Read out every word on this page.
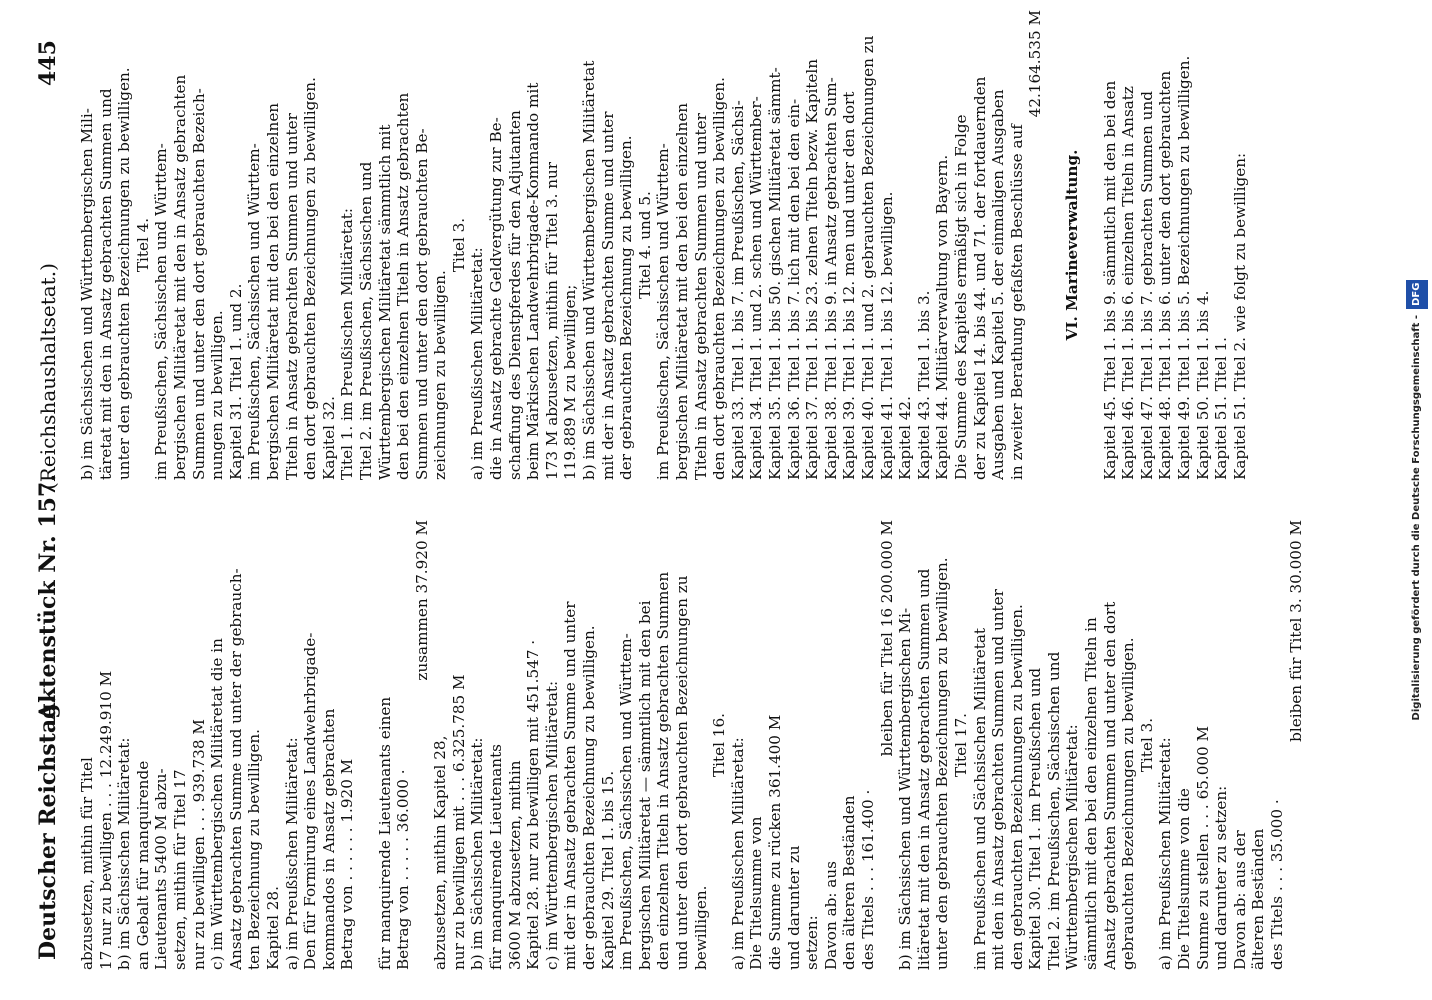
Deutscher Reichstag.
Aktenstück Nr. 157.
(Reichshaushaltsetat.)
445
abzusetzen, mithin für Titel 17 nur zu bewilligen . . . 12.249.910 M b) im Sächsischen Militäretat: an Gebalt für manquirende Lieutenants 5400 M abzu- setzen, mithin für Titel 17 nur zu bewilligen . . . 939.738 M c) im Württembergischen Militäretat die in Ansatz gebrachten Summe und unter der gebrauch- ten Bezeichnung zu bewilligen. Kapitel 28. a) im Preußischen Militäretat: Den für Formirung eines Landwehrbrigade- kommandos in Ansatz gebrachten Betrag von . . . . . . 1.920 M für manquirende Lieutenants einen Betrag von . . . . . 36.000 ·
zusammen 37.920 M
abzusetzen, mithin Kapitel 28, nur zu bewilligen mit . . . 6.325.785 M b) im Sächsischen Militäretat: für manquirende Lieutenants 3600 M abzusetzen, mithin Kapitel 28. nur zu bewilligen mit 451.547 · c) im Württembergischen Militäretat: mit der in Ansatz gebrachten Summe und unter der gebrauchten Bezeichnung zu bewilligen. Kapitel 29. Titel 1. bis 15. im Preußischen, Sächsischen und Württem- bergischen Militäretat — sämmtlich mit den bei den einzelnen Titeln in Ansatz gebrachten Summen und unter den dort gebrauchten Bezeichnungen zu bewilligen.
Titel 16. a) im Preußischen Militäretat: Die Titelsumme von die Summe zu rücken 361.400 M und darunter zu setzen: Davon ab: aus den älteren Beständen des Titels . . . 161.400 ·
bleiben für Titel 16 200.000 M b) im Sächsischen und Württembergischen Mi- litäretat mit den in Ansatz gebrachten Summen und unter den gebrauchten Bezeichnungen zu bewilligen. Titel 17. im Preußischen und Sächsischen Militäretat mit den in Ansatz gebrachten Summen und unter den gebrauchten Bezeichnungen zu bewilligen. Kapitel 30. Titel 1. im Preußischen und Titel 2. im Preußischen, Sächsischen und Württembergischen Militäretat: sämmtlich mit den bei den einzelnen Titeln in Ansatz gebrachten Summen und unter den dort gebrauchten Bezeichnungen zu bewilligen. Titel 3. a) im Preußischen Militäretat: Die Titelsumme von die Summe zu stellen . . . 65.000 M und darunter zu setzen: Davon ab: aus der älteren Beständen des Titels . . . 35.000 ·
bleiben für Titel 3. 30.000 M
b) im Sächsischen und Württembergischen Mili- täretat mit den in Ansatz gebrachten Summen und unter den gebrauchten Bezeichnungen zu bewilligen. Titel 4. im Preußischen, Sächsischen und Württem- bergischen Militäretat mit den in Ansatz gebrachten Summen und unter den dort gebrauchten Bezeich- nungen zu bewilligen. Kapitel 31. Titel 1. und 2. im Preußischen, Sächsischen und Württem- bergischen Militäretat mit den bei den einzelnen Titeln in Ansatz gebrachten Summen und unter den dort gebrauchten Bezeichnungen zu bewilligen. Kapitel 32. Titel 1. im Preußischen Militäretat: Titel 2. im Preußischen, Sächsischen und Württembergischen Militäretat sämmtlich mit den bei den einzelnen Titeln in Ansatz gebrachten Summen und unter den dort gebrauchten Be- zeichnungen zu bewilligen.
Titel 3.
a) im Preußischen Militäretat: die in Ansatz gebrachte Geldvergütung zur Be- schaffung des Dienstpferdes für den Adjutanten beim Märkischen Landwehrbrigade-Kommando mit 173 M abzusetzen, mithin für Titel 3. nur 119.889 M zu bewilligen; b) im Sächsischen und Württembergischen Militäretat mit der in Ansatz gebrachten Summe und unter der gebrauchten Bezeichnung zu bewilligen. Titel 4. und 5. im Preußischen, Sächsischen und Württem- bergischen Militäretat mit den bei den einzelnen Titeln in Ansatz gebrachten Summen und unter den dort gebrauchten Bezeichnungen zu bewilligen. Kapitel 33. Titel 1. bis 7. im Preußischen, Sächsi- Kapitel 34. Titel 1. und 2. schen und Württember- Kapitel 35. Titel 1. bis 50. gischen Militäretat sämmt- Kapitel 36. Titel 1. bis 7. lich mit den bei den ein- Kapitel 37. Titel 1. bis 23. zelnen Titeln bezw. Kapiteln Kapitel 38. Titel 1. bis 9. in Ansatz gebrachten Sum- Kapitel 39. Titel 1. bis 12. men und unter den dort Kapitel 40. Titel 1. und 2. gebrauchten Bezeichnungen zu Kapitel 41. Titel 1. bis 12. bewilligen. Kapitel 42. Kapitel 43. Titel 1. bis 3. Kapitel 44. Militärverwaltung von Bayern. Die Summe des Kapitels ermäßigt sich in Folge der zu Kapitel 14. bis 44. und 71. der fortdauernden Ausgaben und Kapitel 5. der einmaligen Ausgaben in zweiter Berathung gefaßten Beschlüsse auf
42.164.535 M
VI. Marineverwaltung. Kapitel 45. Titel 1. bis 9. sämmtlich mit den bei den Kapitel 46. Titel 1. bis 6. einzelnen Titeln in Ansatz Kapitel 47. Titel 1. bis 7. gebrachten Summen und Kapitel 48. Titel 1. bis 6. unter den dort gebrauchten Kapitel 49. Titel 1. bis 5. Bezeichnungen zu bewilligen. Kapitel 50. Titel 1. bis 4. Kapitel 51. Titel 1. Kapitel 51. Titel 2. wie folgt zu bewilligen:	Digitalisierung gefördert durch die Deutsche Forschungsgemeinschaft -DFG
